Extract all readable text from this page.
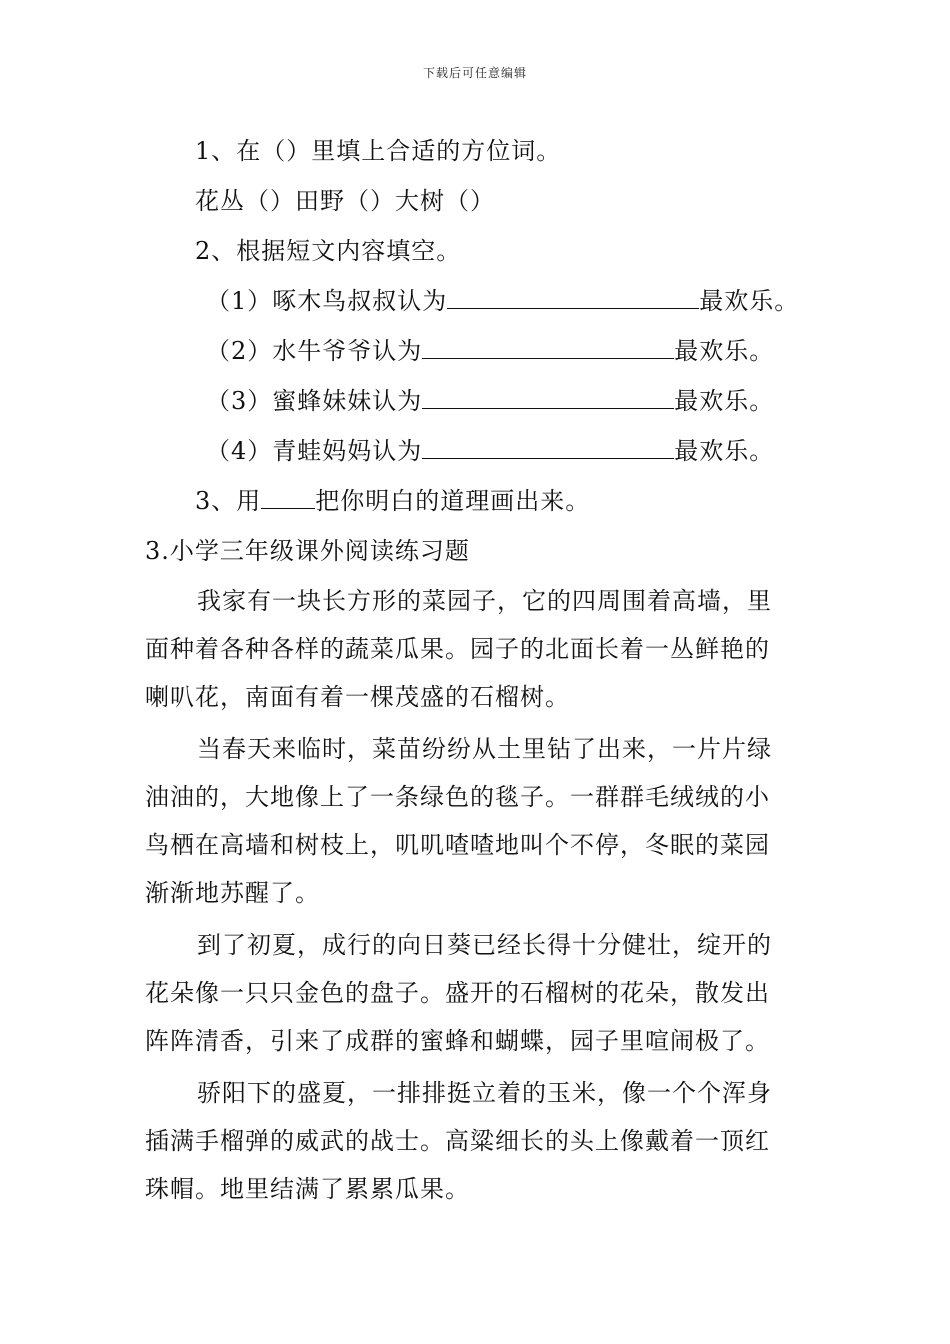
下载后可任意编辑
1、在（）里填上合适的方位词。
花丛（）田野（）大树（）
2、根据短文内容填空。
（1）啄木鸟叔叔认为	最欢乐。
（2）水牛爷爷认为	最欢乐。
（3）蜜蜂妹妹认为	最欢乐。
（4）青蛙妈妈认为	最欢乐。
3、用 把你明白的道理画出来。
3.小学三年级课外阅读练习题
我家有一块长方形的菜园子，它的四周围着高墙，里
面种着各种各样的蔬菜瓜果。园子的北面长着一丛鲜艳的
喇叭花，南面有着一棵茂盛的石榴树。
当春天来临时，菜苗纷纷从土里钻了出来，一片片绿
油油的，大地像上了一条绿色的毯子。一群群毛绒绒的小
鸟栖在高墙和树枝上，叽叽喳喳地叫个不停，冬眠的菜园
渐渐地苏醒了。
到了初夏，成行的向日葵已经长得十分健壮，绽开的
花朵像一只只金色的盘子。盛开的石榴树的花朵，散发出
阵阵清香，引来了成群的蜜蜂和蝴蝶，园子里喧闹极了。
骄阳下的盛夏，一排排挺立着的玉米，像一个个浑身
插满手榴弹的威武的战士。高粱细长的头上像戴着一顶红
珠帽。地里结满了累累瓜果。
